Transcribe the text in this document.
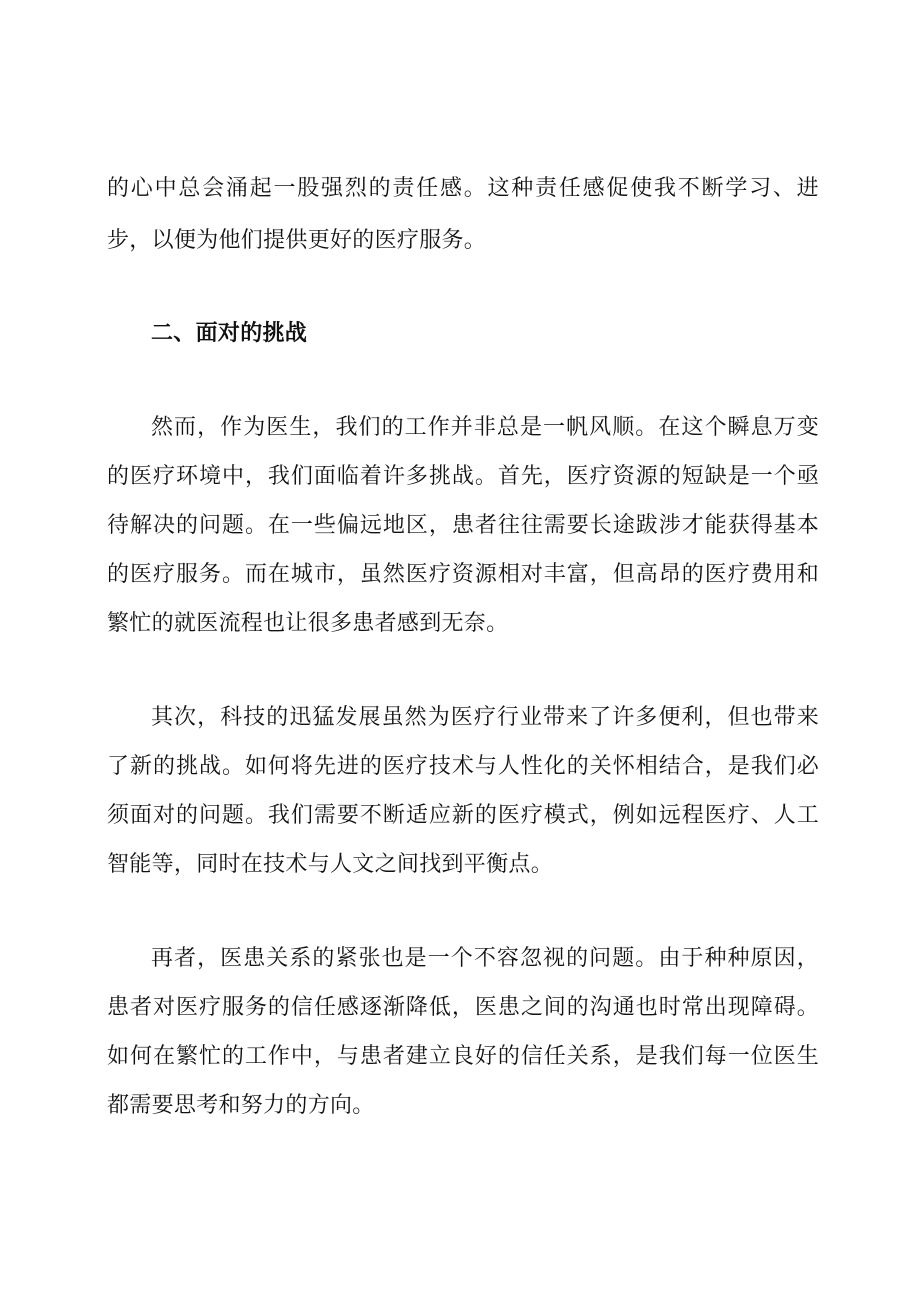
的心中总会涌起一股强烈的责任感。这种责任感促使我不断学习、进
步，以便为他们提供更好的医疗服务。
二、面对的挑战
然而，作为医生，我们的工作并非总是一帆风顺。在这个瞬息万变
的医疗环境中，我们面临着许多挑战。首先，医疗资源的短缺是一个亟
待解决的问题。在一些偏远地区，患者往往需要长途跋涉才能获得基本
的医疗服务。而在城市，虽然医疗资源相对丰富，但高昂的医疗费用和
繁忙的就医流程也让很多患者感到无奈。
其次，科技的迅猛发展虽然为医疗行业带来了许多便利，但也带来
了新的挑战。如何将先进的医疗技术与人性化的关怀相结合，是我们必
须面对的问题。我们需要不断适应新的医疗模式，例如远程医疗、人工
智能等，同时在技术与人文之间找到平衡点。
再者，医患关系的紧张也是一个不容忽视的问题。由于种种原因，
患者对医疗服务的信任感逐渐降低，医患之间的沟通也时常出现障碍。
如何在繁忙的工作中，与患者建立良好的信任关系，是我们每一位医生
都需要思考和努力的方向。
